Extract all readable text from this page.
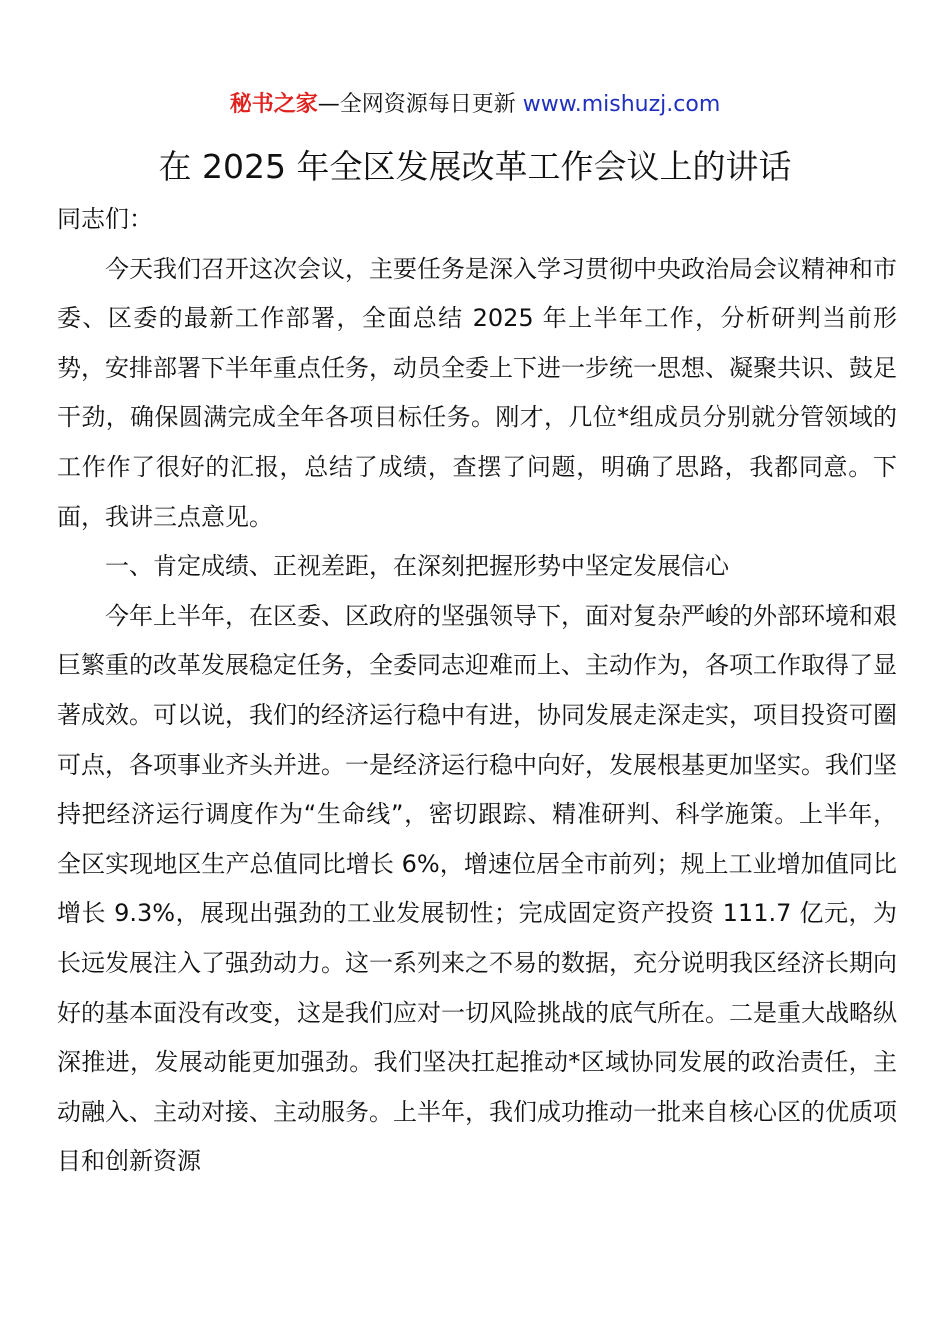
秘书之家—全网资源每日更新 www.mishuzj.com
在 2025 年全区发展改革工作会议上的讲话

同志们：

今天我们召开这次会议，主要任务是深入学习贯彻中央政治局会议精神和市委、区委的最新工作部署，全面总结 2025 年上半年工作，分析研判当前形势，安排部署下半年重点任务，动员全委上下进一步统一思想、凝聚共识、鼓足干劲，确保圆满完成全年各项目标任务。刚才，几位*组成员分别就分管领域的工作作了很好的汇报，总结了成绩，查摆了问题，明确了思路，我都同意。下面，我讲三点意见。

一、肯定成绩、正视差距，在深刻把握形势中坚定发展信心

今年上半年，在区委、区政府的坚强领导下，面对复杂严峻的外部环境和艰巨繁重的改革发展稳定任务，全委同志迎难而上、主动作为，各项工作取得了显著成效。可以说，我们的经济运行稳中有进，协同发展走深走实，项目投资可圈可点，各项事业齐头并进。一是经济运行稳中向好，发展根基更加坚实。我们坚持把经济运行调度作为“生命线”，密切跟踪、精准研判、科学施策。上半年，全区实现地区生产总值同比增长 6%，增速位居全市前列；规上工业增加值同比增长 9.3%，展现出强劲的工业发展韧性；完成固定资产投资 111.7 亿元，为长远发展注入了强劲动力。这一系列来之不易的数据，充分说明我区经济长期向好的基本面没有改变，这是我们应对一切风险挑战的底气所在。二是重大战略纵深推进，发展动能更加强劲。我们坚决扛起推动*区域协同发展的政治责任，主动融入、主动对接、主动服务。上半年，我们成功推动一批来自核心区的优质项目和创新资源
